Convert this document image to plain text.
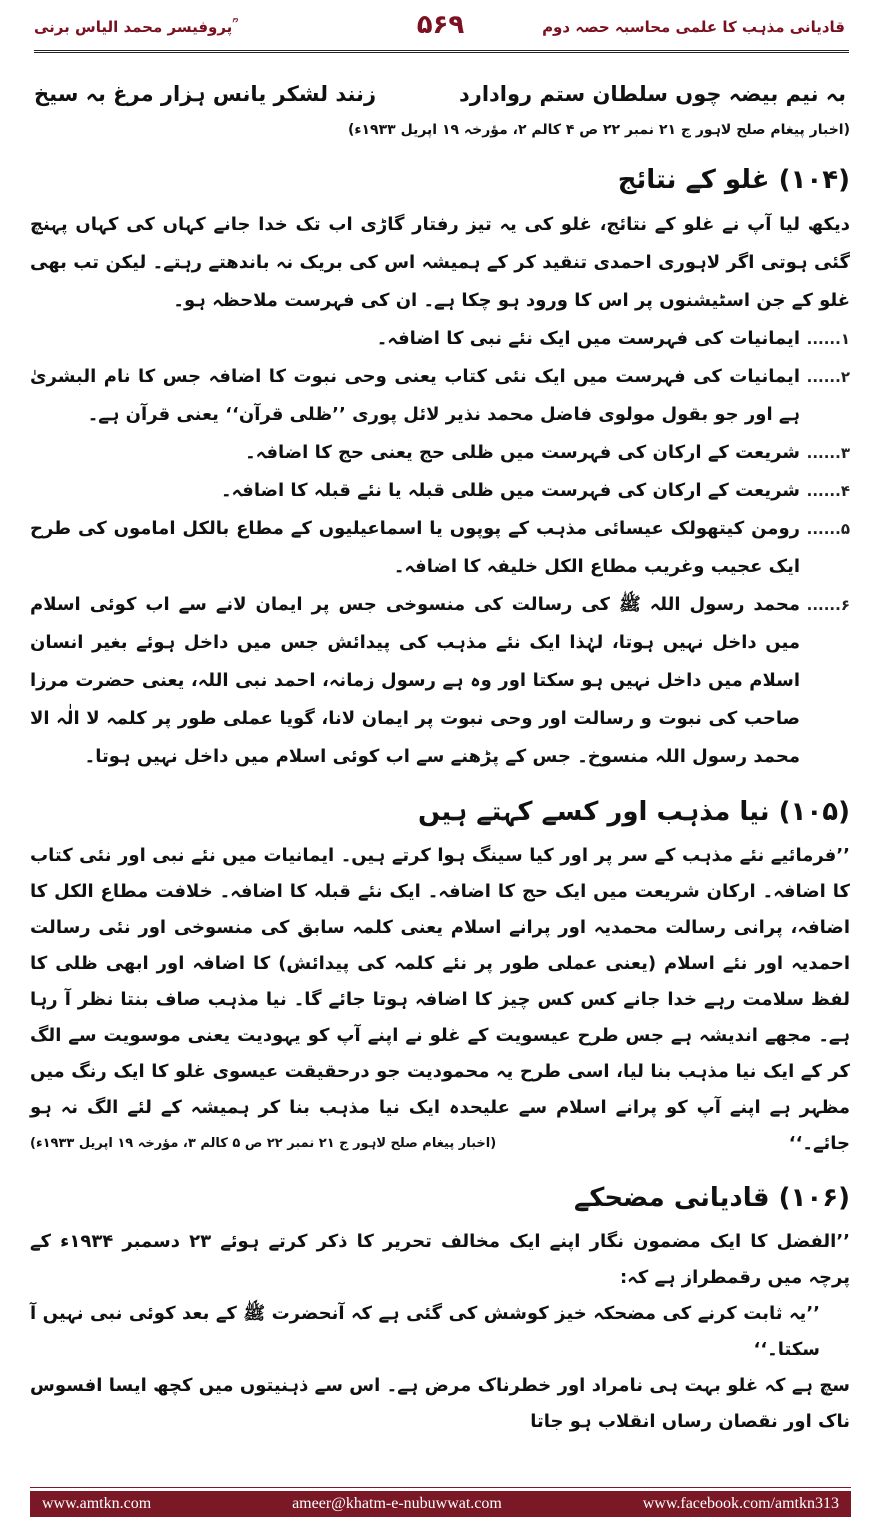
پروفیسر محمد الیاس برنی ؒ	۵۶۹	قادیانی مذہب کا علمی محاسبہ حصہ دوم
بہ نیم بیضہ چوں سلطان ستم روادارد
زنند لشکر یانس ہزار مرغ بہ سیخ
(اخبار پیغام صلح لاہور ج ۲۱ نمبر ۲۲ ص ۴ کالم ۲، مؤرخہ ۱۹ اپریل ۱۹۳۳ء)
(۱۰۴) غلو کے نتائج

دیکھ لیا آپ نے غلو کے نتائج، غلو کی یہ تیز رفتار گاڑی اب تک خدا جانے کہاں کی کہاں پہنچ گئی ہوتی اگر لاہوری احمدی تنقید کر کے ہمیشہ اس کی بریک نہ باندھتے رہتے۔ لیکن تب بھی غلو کے جن اسٹیشنوں پر اس کا ورود ہو چکا ہے۔ ان کی فہرست ملاحظہ ہو۔

۱......
ایمانیات کی فہرست میں ایک نئے نبی کا اضافہ۔
۲......
ایمانیات کی فہرست میں ایک نئی کتاب یعنی وحی نبوت کا اضافہ جس کا نام البشریٰ ہے اور جو بقول مولوی فاضل محمد نذیر لائل پوری ’’ظلی قرآن‘‘ یعنی قرآن ہے۔
۳......
شریعت کے ارکان کی فہرست میں ظلی حج یعنی حج کا اضافہ۔
۴......
شریعت کے ارکان کی فہرست میں ظلی قبلہ یا نئے قبلہ کا اضافہ۔
۵......
رومن کیتھولک عیسائی مذہب کے پوپوں یا اسماعیلیوں کے مطاع بالکل اماموں کی طرح ایک عجیب وغریب مطاع الکل خلیفہ کا اضافہ۔
۶......
محمد رسول اللہ ﷺ کی رسالت کی منسوخی جس پر ایمان لانے سے اب کوئی اسلام میں داخل نہیں ہوتا، لہٰذا ایک نئے مذہب کی پیدائش جس میں داخل ہوئے بغیر انسان اسلام میں داخل نہیں ہو سکتا اور وہ ہے رسول زمانہ، احمد نبی اللہ، یعنی حضرت مرزا صاحب کی نبوت و رسالت اور وحی نبوت پر ایمان لانا، گویا عملی طور پر کلمہ لا الٰہ الا محمد رسول اللہ منسوخ۔ جس کے پڑھنے سے اب کوئی اسلام میں داخل نہیں ہوتا۔
(۱۰۵) نیا مذہب اور کسے کہتے ہیں

’’فرمائیے نئے مذہب کے سر پر اور کیا سینگ ہوا کرتے ہیں۔ ایمانیات میں نئے نبی اور نئی کتاب کا اضافہ۔ ارکان شریعت میں ایک حج کا اضافہ۔ ایک نئے قبلہ کا اضافہ۔ خلافت مطاع الکل کا اضافہ، پرانی رسالت محمدیہ اور پرانے اسلام یعنی کلمہ سابق کی منسوخی اور نئی رسالت احمدیہ اور نئے اسلام (یعنی عملی طور پر نئے کلمہ کی پیدائش) کا اضافہ اور ابھی ظلی کا لفظ سلامت رہے خدا جانے کس کس چیز کا اضافہ ہوتا جائے گا۔ نیا مذہب صاف بنتا نظر آ رہا ہے۔ مجھے اندیشہ ہے جس طرح عیسویت کے غلو نے اپنے آپ کو یہودیت یعنی موسویت سے الگ کر کے ایک نیا مذہب بنا لیا، اسی طرح یہ محمودیت جو درحقیقت عیسوی غلو کا ایک رنگ میں مظہر ہے اپنے آپ کو پرانے اسلام سے علیحدہ ایک نیا مذہب بنا کر ہمیشہ کے لئے الگ نہ ہو جائے۔‘‘
(اخبار پیغام صلح لاہور ج ۲۱ نمبر ۲۲ ص ۵ کالم ۳، مؤرخہ ۱۹ اپریل ۱۹۳۳ء)

(۱۰۶) قادیانی مضحکے

’’الفضل کا ایک مضمون نگار اپنے ایک مخالف تحریر کا ذکر کرتے ہوئے ۲۳ دسمبر ۱۹۳۴ء کے پرچہ میں رقمطراز ہے کہ:

’’یہ ثابت کرنے کی مضحکہ خیز کوشش کی گئی ہے کہ آنحضرت ﷺ کے بعد کوئی نبی نہیں آ سکتا۔‘‘

سچ ہے کہ غلو بہت ہی نامراد اور خطرناک مرض ہے۔ اس سے ذہنیتوں میں کچھ ایسا افسوس ناک اور نقصان رساں انقلاب ہو جاتا

www.amtkn.com	ameer@khatm-e-nubuwwat.com	www.facebook.com/amtkn313
